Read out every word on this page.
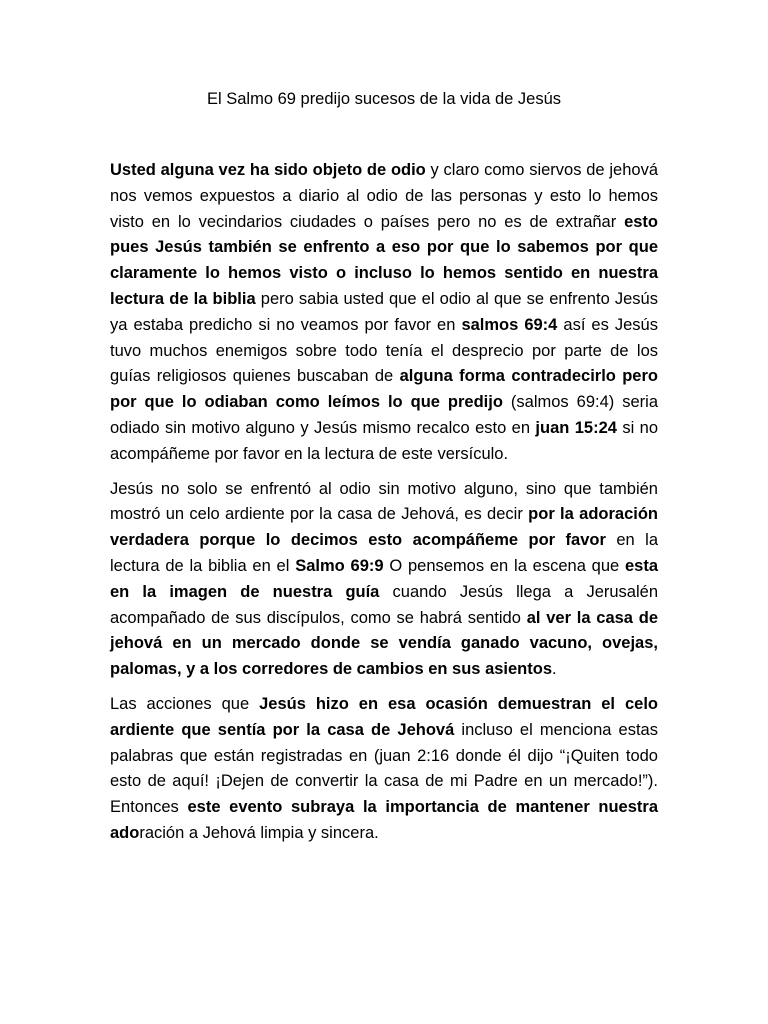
El Salmo 69 predijo sucesos de la vida de Jesús

Usted alguna vez ha sido objeto de odio y claro como siervos de jehová nos vemos expuestos a diario al odio de las personas y esto lo hemos visto en lo vecindarios ciudades o países pero no es de extrañar esto pues Jesús también se enfrento a eso por que lo sabemos por que claramente lo hemos visto o incluso lo hemos sentido en nuestra lectura de la biblia pero sabia usted que el odio al que se enfrento Jesús ya estaba predicho si no veamos por favor en salmos 69:4 así es Jesús tuvo muchos enemigos sobre todo tenía el desprecio por parte de los guías religiosos quienes buscaban de alguna forma contradecirlo pero por que lo odiaban como leímos lo que predijo (salmos 69:4) seria odiado sin motivo alguno y Jesús mismo recalco esto en juan 15:24 si no acompáñeme por favor en la lectura de este versículo.

Jesús no solo se enfrentó al odio sin motivo alguno, sino que también mostró un celo ardiente por la casa de Jehová, es decir por la adoración verdadera porque lo decimos esto acompáñeme por favor en la lectura de la biblia en el Salmo 69:9 O pensemos en la escena que esta en la imagen de nuestra guía cuando Jesús llega a Jerusalén acompañado de sus discípulos, como se habrá sentido al ver la casa de jehová en un mercado donde se vendía ganado vacuno, ovejas, palomas, y a los corredores de cambios en sus asientos.

Las acciones que Jesús hizo en esa ocasión demuestran el celo ardiente que sentía por la casa de Jehová incluso el menciona estas palabras que están registradas en (juan 2:16 donde él dijo “¡Quiten todo esto de aquí! ¡Dejen de convertir la casa de mi Padre en un mercado!”). Entonces este evento subraya la importancia de mantener nuestra adoración a Jehová limpia y sincera.
